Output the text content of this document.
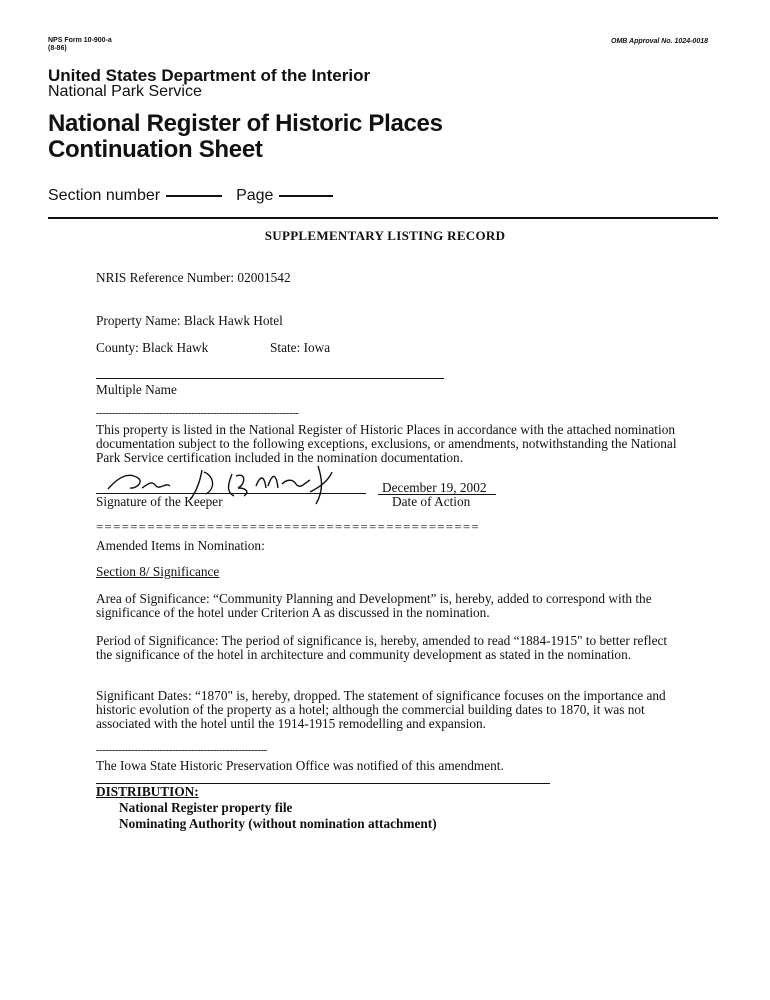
NPS Form 10-900-a
(8-86)
OMB Approval No. 1024-0018
United States Department of the Interior
National Park Service
National Register of Historic Places
Continuation Sheet
Section number	Page
SUPPLEMENTARY LISTING RECORD
NRIS Reference Number: 02001542
Property Name: Black Hawk Hotel
County: Black Hawk	State: Iowa
Multiple Name
----------------------------------------------------------------
This property is listed in the National Register of Historic Places in accordance with the attached nomination documentation subject to the following exceptions, exclusions, or amendments, notwithstanding the National Park Service certification included in the nomination documentation.
Signature of the Keeper
December 19, 2002
Date of Action
=============================================
Amended Items in Nomination:
Section 8/ Significance
Area of Significance: “Community Planning and Development” is, hereby, added to correspond with the significance of the hotel under Criterion A as discussed in the nomination.
Period of Significance: The period of significance is, hereby, amended to read “1884-1915" to better reflect the significance of the hotel in architecture and community development as stated in the nomination.
Significant Dates: “1870" is, hereby, dropped. The statement of significance focuses on the importance and historic evolution of the property as a hotel; although the commercial building dates to 1870, it was not associated with the hotel until the 1914-1915 remodelling and expansion.
------------------------------------------------------
The Iowa State Historic Preservation Office was notified of this amendment.
DISTRIBUTION:
National Register property file
Nominating Authority (without nomination attachment)
